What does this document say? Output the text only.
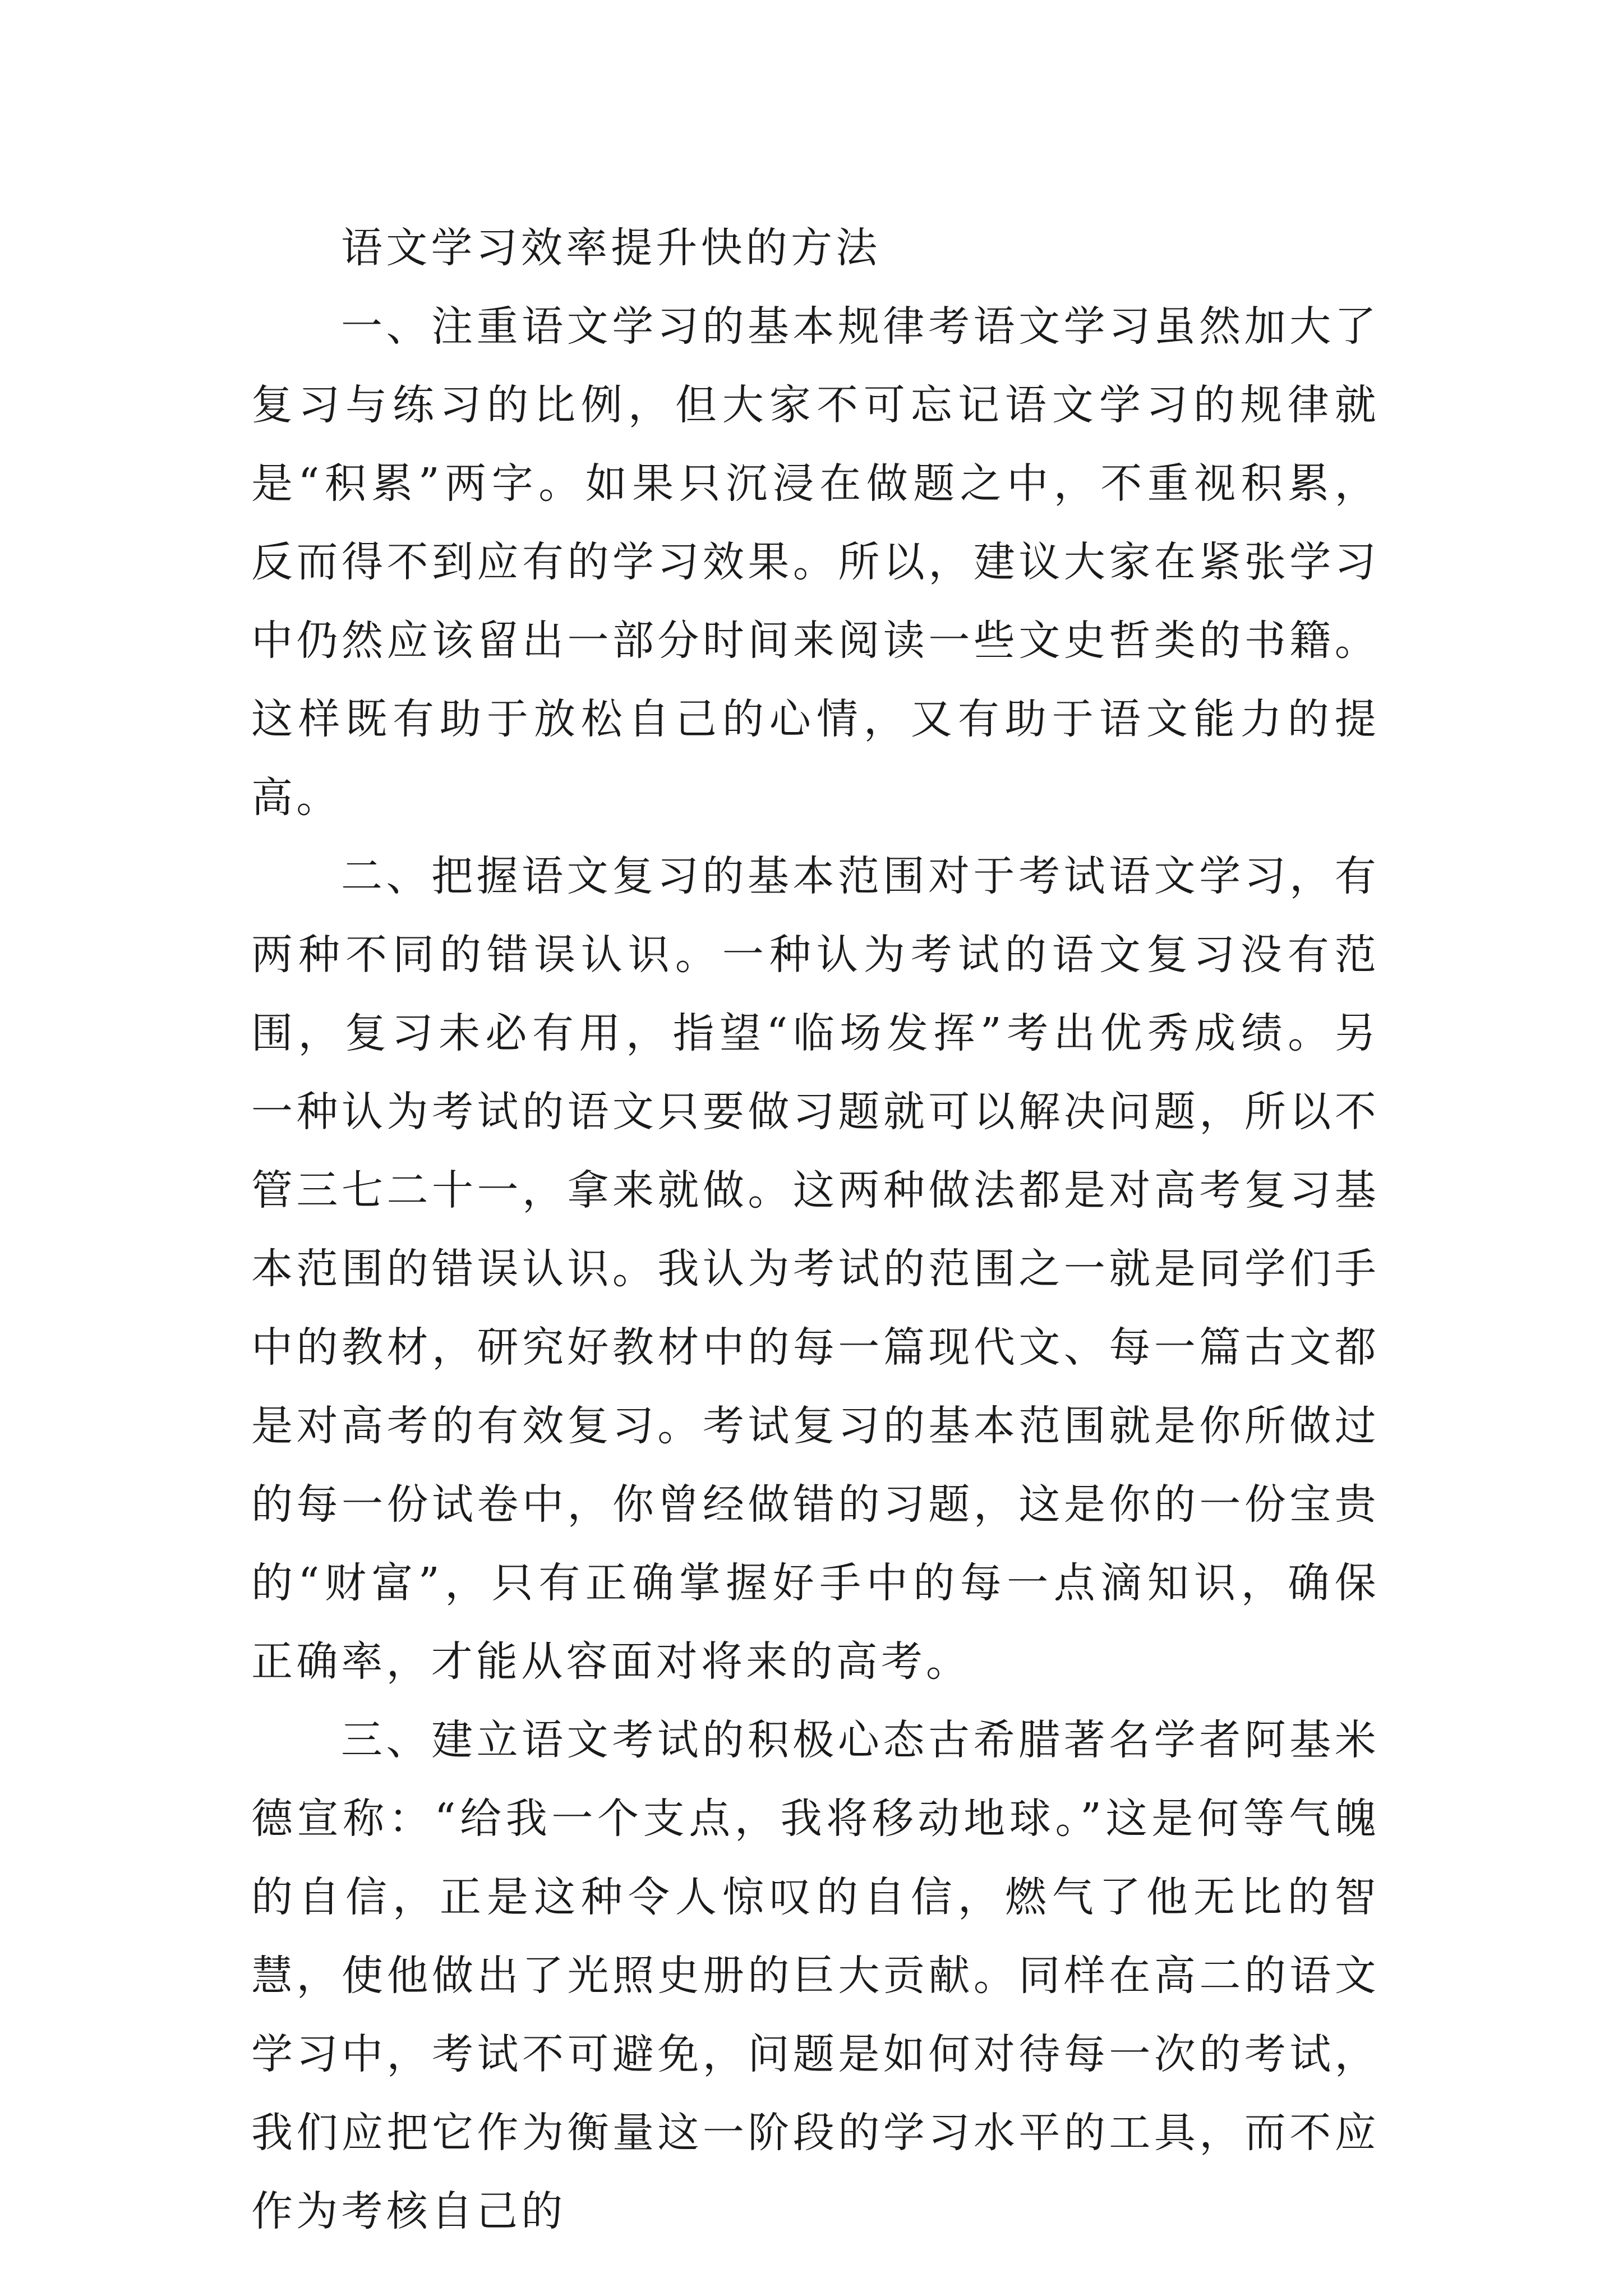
语文学习效率提升快的方法

一、注重语文学习的基本规律考语文学习虽然加大了复习与练习的比例，但大家不可忘记语文学习的规律就是“积累”两字。如果只沉浸在做题之中，不重视积累，反而得不到应有的学习效果。所以，建议大家在紧张学习中仍然应该留出一部分时间来阅读一些文史哲类的书籍。这样既有助于放松自己的心情，又有助于语文能力的提高。

二、把握语文复习的基本范围对于考试语文学习，有两种不同的错误认识。一种认为考试的语文复习没有范围，复习未必有用，指望“临场发挥”考出优秀成绩。另一种认为考试的语文只要做习题就可以解决问题，所以不管三七二十一，拿来就做。这两种做法都是对高考复习基本范围的错误认识。我认为考试的范围之一就是同学们手中的教材，研究好教材中的每一篇现代文、每一篇古文都是对高考的有效复习。考试复习的基本范围就是你所做过的每一份试卷中，你曾经做错的习题，这是你的一份宝贵的“财富”，只有正确掌握好手中的每一点滴知识，确保正确率，才能从容面对将来的高考。

三、建立语文考试的积极心态古希腊著名学者阿基米德宣称：“给我一个支点，我将移动地球。”这是何等气魄的自信，正是这种令人惊叹的自信，燃气了他无比的智慧，使他做出了光照史册的巨大贡献。同样在高二的语文学习中，考试不可避免，问题是如何对待每一次的考试，我们应把它作为衡量这一阶段的学习水平的工具，而不应作为考核自己的
